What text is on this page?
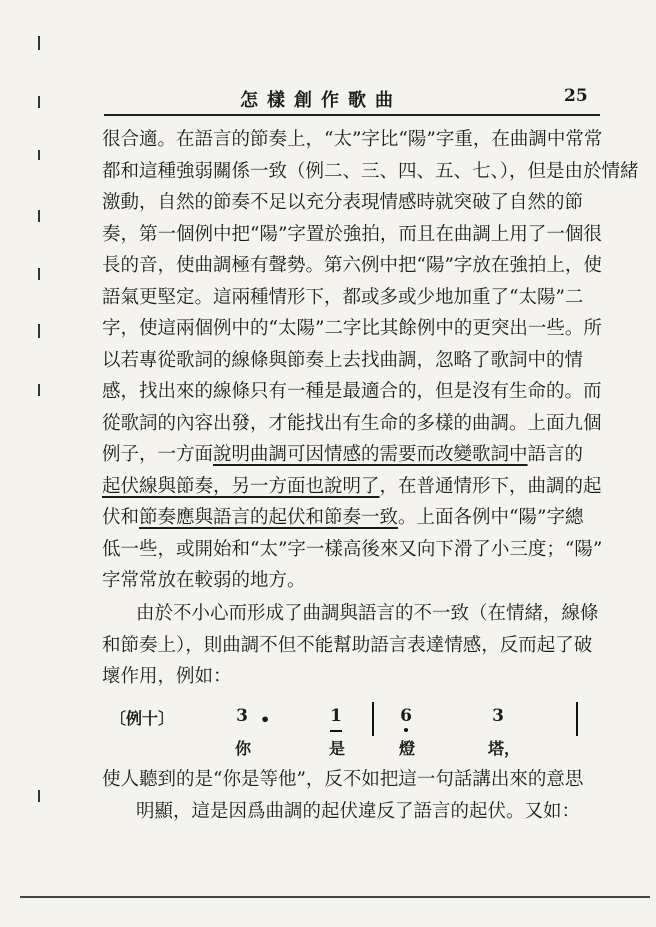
怎樣創作歌曲	25
很合適。在語言的節奏上，“太”字比“陽”字重，在曲調中常常
都和這種強弱關係一致（例二、三、四、五、七、），但是由於情緒
激動，自然的節奏不足以充分表現情感時就突破了自然的節
奏，第一個例中把“陽”字置於強拍，而且在曲調上用了一個很
長的音，使曲調極有聲勢。第六例中把“陽”字放在強拍上，使
語氣更堅定。這兩種情形下，都或多或少地加重了“太陽”二
字，使這兩個例中的“太陽”二字比其餘例中的更突出一些。所
以若專從歌詞的線條與節奏上去找曲調，忽略了歌詞中的情
感，找出來的線條只有一種是最適合的，但是沒有生命的。而
從歌詞的內容出發，才能找出有生命的多樣的曲調。上面九個
例子，一方面說明曲調可因情感的需要而改變歌詞中語言的
起伏線與節奏，另一方面也說明了，在普通情形下，曲調的起
伏和節奏應與語言的起伏和節奏一致。上面各例中“陽”字總
低一些，或開始和“太”字一樣高後來又向下滑了小三度；“陽”
字常常放在較弱的地方。
由於不小心而形成了曲調與語言的不一致（在情緒，線條
和節奏上），則曲調不但不能幫助語言表達情感，反而起了破
壞作用，例如：
〔例十〕	3 •	1	6	3
你	是	燈	塔，
使人聽到的是“你是等他”，反不如把這一句話講出來的意思
明顯，這是因爲曲調的起伏違反了語言的起伏。又如：
